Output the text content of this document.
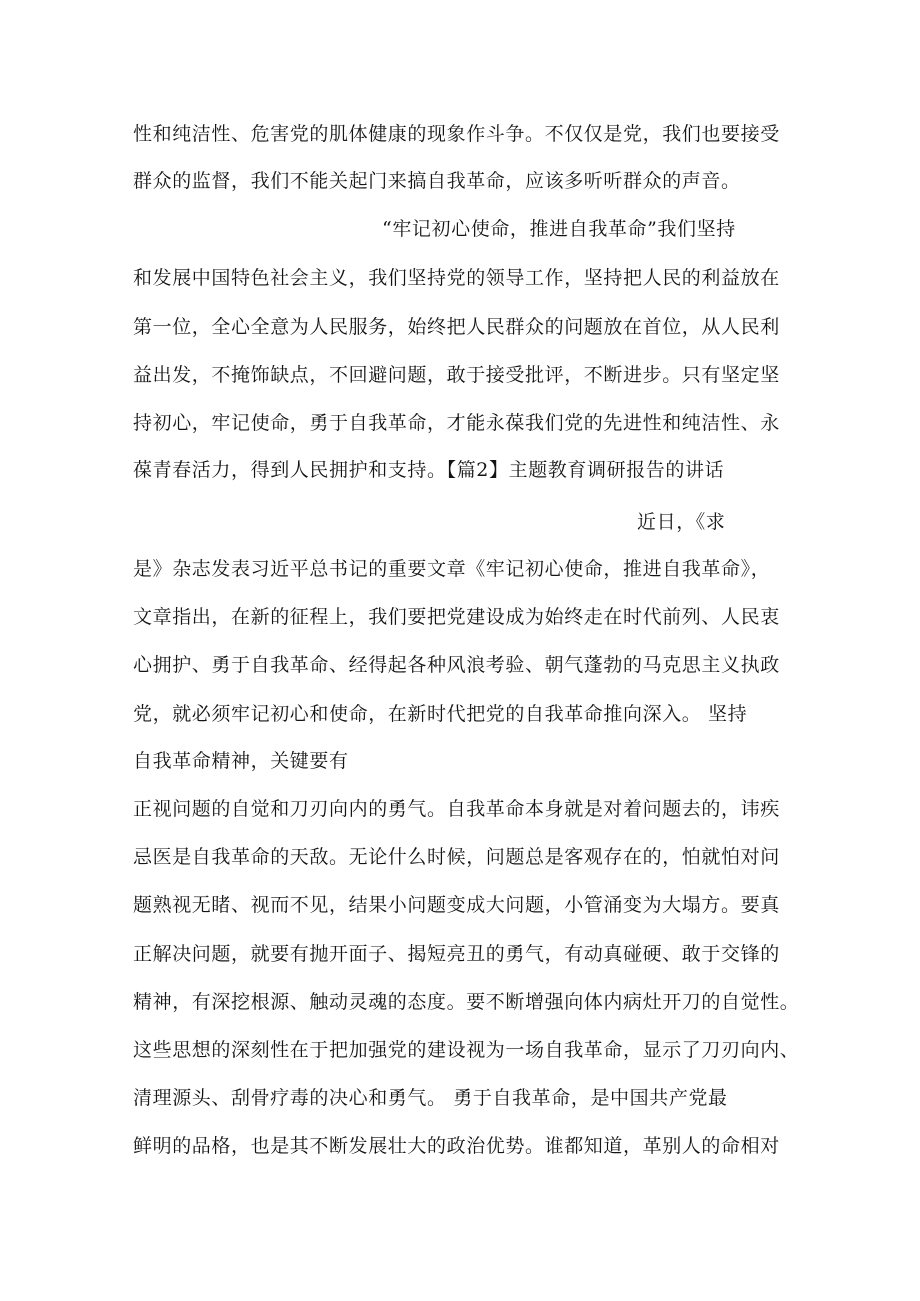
性和纯洁性、危害党的肌体健康的现象作斗争。不仅仅是党，我们也要接受
群众的监督，我们不能关起门来搞自我革命，应该多听听群众的声音。
“牢记初心使命，推进自我革命”我们坚持
和发展中国特色社会主义，我们坚持党的领导工作，坚持把人民的利益放在
第一位，全心全意为人民服务，始终把人民群众的问题放在首位，从人民利
益出发，不掩饰缺点，不回避问题，敢于接受批评，不断进步。只有坚定坚
持初心，牢记使命，勇于自我革命，才能永葆我们党的先进性和纯洁性、永
葆青春活力，得到人民拥护和支持。【篇2】主题教育调研报告的讲话
近日，《求
是》杂志发表习近平总书记的重要文章《牢记初心使命，推进自我革命》，
文章指出，在新的征程上，我们要把党建设成为始终走在时代前列、人民衷
心拥护、勇于自我革命、经得起各种风浪考验、朝气蓬勃的马克思主义执政
党，就必须牢记初心和使命，在新时代把党的自我革命推向深入。 坚持
自我革命精神，关键要有
正视问题的自觉和刀刃向内的勇气。自我革命本身就是对着问题去的，讳疾
忌医是自我革命的天敌。无论什么时候，问题总是客观存在的，怕就怕对问
题熟视无睹、视而不见，结果小问题变成大问题，小管涌变为大塌方。要真
正解决问题，就要有抛开面子、揭短亮丑的勇气，有动真碰硬、敢于交锋的
精神，有深挖根源、触动灵魂的态度。要不断增强向体内病灶开刀的自觉性。
这些思想的深刻性在于把加强党的建设视为一场自我革命，显示了刀刃向内、
清理源头、刮骨疗毒的决心和勇气。 勇于自我革命，是中国共产党最
鲜明的品格，也是其不断发展壮大的政治优势。谁都知道，革别人的命相对
